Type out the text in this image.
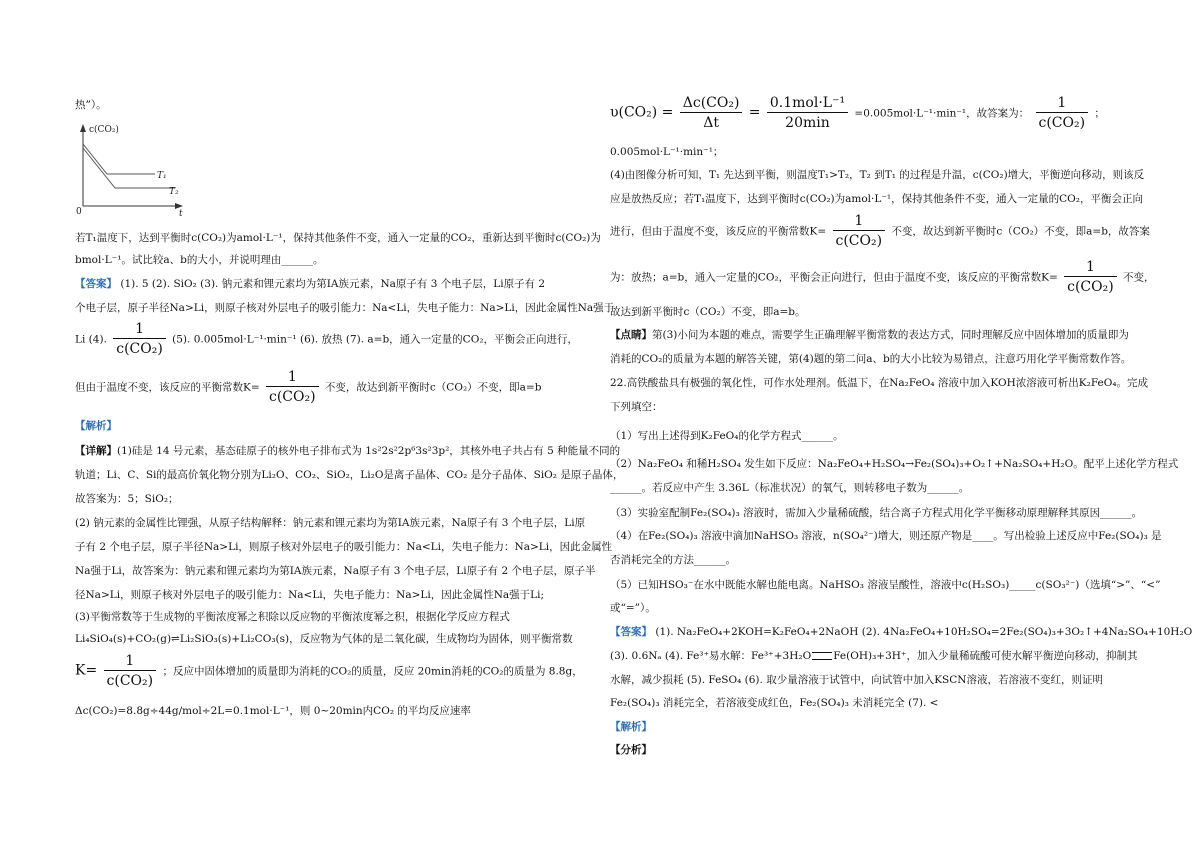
热”）。
c(CO₂)
T₁
T₂
0	t
若T₁温度下，达到平衡时c(CO₂)为amol·L⁻¹，保持其他条件不变，通入一定量的CO₂，重新达到平衡时c(CO₂)为
bmol·L⁻¹。试比较a、b的大小，并说明理由______。
【答案】 (1). 5 (2). SiO₂ (3). 钠元素和锂元素均为第ⅠA族元素，Na原子有 3 个电子层，Li原子有 2
个电子层，原子半径Na>Li，则原子核对外层电子的吸引能力：Na<Li，失电子能力：Na>Li，因此金属性Na强于
Li (4). $\frac{1}{\text{c(CO₂)}} (5)$. 0.005mol·L⁻¹·min⁻¹ (6). 放热 (7). a=b，通入一定量的CO₂，平衡会正向进行，
但由于温度不变，该反应的平衡常数$K= \frac{1}{\text{c(CO₂)}}$ 不变，故达到新平衡时c（CO₂）不变，即a=b
【解析】
【详解】(1)硅是 14 号元素，基态硅原子的核外电子排布式为 1s²2s²2p⁶3s²3p²，其核外电子共占有 5 种能量不同的
轨道；Li、C、Si的最高价氧化物分别为Li₂O、CO₂、SiO₂，Li₂O是离子晶体、CO₂ 是分子晶体、SiO₂ 是原子晶体，
故答案为：5；SiO₂；
(2) 钠元素的金属性比锂强，从原子结构解释：钠元素和锂元素均为第ⅠA族元素，Na原子有 3 个电子层，Li原
子有 2 个电子层，原子半径Na>Li，则原子核对外层电子的吸引能力：Na<Li，失电子能力：Na>Li，因此金属性
Na强于Li，故答案为：钠元素和锂元素均为第ⅠA族元素，Na原子有 3 个电子层，Li原子有 2 个电子层，原子半
径Na>Li，则原子核对外层电子的吸引能力：Na<Li，失电子能力：Na>Li，因此金属性Na强于Li;
(3)平衡常数等于生成物的平衡浓度幂之积除以反应物的平衡浓度幂之积，根据化学反应方程式
Li₄SiO₄(s)+CO₂(g)⇌Li₂SiO₃(s)+Li₂CO₃(s)，反应物为气体的是二氧化碳，生成物均为固体，则平衡常数
$K= \frac{1}{\text{c(CO₂)}}$ ；反应中固体增加的质量即为消耗的CO₂的质量，反应 20min消耗的CO₂的质量为 8.8g，
Δc(CO₂)=8.8g÷44g/mol÷2L=0.1mol·L⁻¹，则 0~20min内CO₂ 的平均反应速率
$\upsilon(CO_2) = \frac{\text{Δc(CO₂)}}{\Delta t} = \frac{\text{0.1mol·L⁻¹}}{20\min} =0.005mol\cdot L^{-1}\cdot\min^{-1}$，故答案为： $\frac{1}{\text{c(CO₂)}}$ ；
0.005mol·L⁻¹·min⁻¹；
(4)由图像分析可知，T₁ 先达到平衡，则温度T₁>T₂，T₂ 到T₁ 的过程是升温，c(CO₂)增大，平衡逆向移动，则该反
应是放热反应；若T₁温度下，达到平衡时c(CO₂)为amol·L⁻¹，保持其他条件不变，通入一定量的CO₂，平衡会正向
进行，但由于温度不变，该反应的平衡常数$K= \frac{1}{\text{c(CO₂)}}$ 不变，故达到新平衡时c（CO₂）不变，即a=b，故答案
为：放热；a=b，通入一定量的CO₂，平衡会正向进行，但由于温度不变，该反应的平衡常数$K= \frac{1}{\text{c(CO₂)}}$ 不变，
故达到新平衡时c（CO₂）不变，即a=b。
【点睛】第(3)小问为本题的难点，需要学生正确理解平衡常数的表达方式，同时理解反应中固体增加的质量即为
消耗的CO₂的质量为本题的解答关键，第(4)题的第二问a、b的大小比较为易错点，注意巧用化学平衡常数作答。
22.高铁酸盐具有极强的氧化性，可作水处理剂。低温下，在Na₂FeO₄ 溶液中加入KOH浓溶液可析出K₂FeO₄。完成
下列填空：
（1）写出上述得到K₂FeO₄的化学方程式______。
（2）Na₂FeO₄ 和稀H₂SO₄ 发生如下反应：Na₂FeO₄+H₂SO₄→Fe₂(SO₄)₃+O₂↑+Na₂SO₄+H₂O。配平上述化学方程式
______。若反应中产生 3.36L（标准状况）的氧气，则转移电子数为______。
（3）实验室配制Fe₂(SO₄)₃ 溶液时，需加入少量稀硫酸，结合离子方程式用化学平衡移动原理解释其原因______。
（4）在Fe₂(SO₄)₃ 溶液中滴加NaHSO₃ 溶液，n(SO₄²⁻)增大，则还原产物是____。写出检验上述反应中Fe₂(SO₄)₃ 是
否消耗完全的方法______。
（5）已知HSO₃⁻在水中既能水解也能电离。NaHSO₃ 溶液呈酸性，溶液中c(H₂SO₃)_____c(SO₃²⁻)（选填“>”、“<”
或“=”）。
【答案】 (1). Na₂FeO₄+2KOH=K₂FeO₄+2NaOH (2). 4Na₂FeO₄+10H₂SO₄=2Fe₂(SO₄)₃+3O₂↑+4Na₂SO₄+10H₂O
(3). 0.6Nₐ (4). Fe³⁺易水解：Fe³⁺+3H₂O Fe(OH)₃+3H⁺，加入少量稀硫酸可使水解平衡逆向移动，抑制其
水解，减少损耗 (5). FeSO₄ (6). 取少量溶液于试管中，向试管中加入KSCN溶液，若溶液不变红，则证明
Fe₂(SO₄)₃ 消耗完全，若溶液变成红色，Fe₂(SO₄)₃ 未消耗完全 (7). <
【解析】
【分析】
